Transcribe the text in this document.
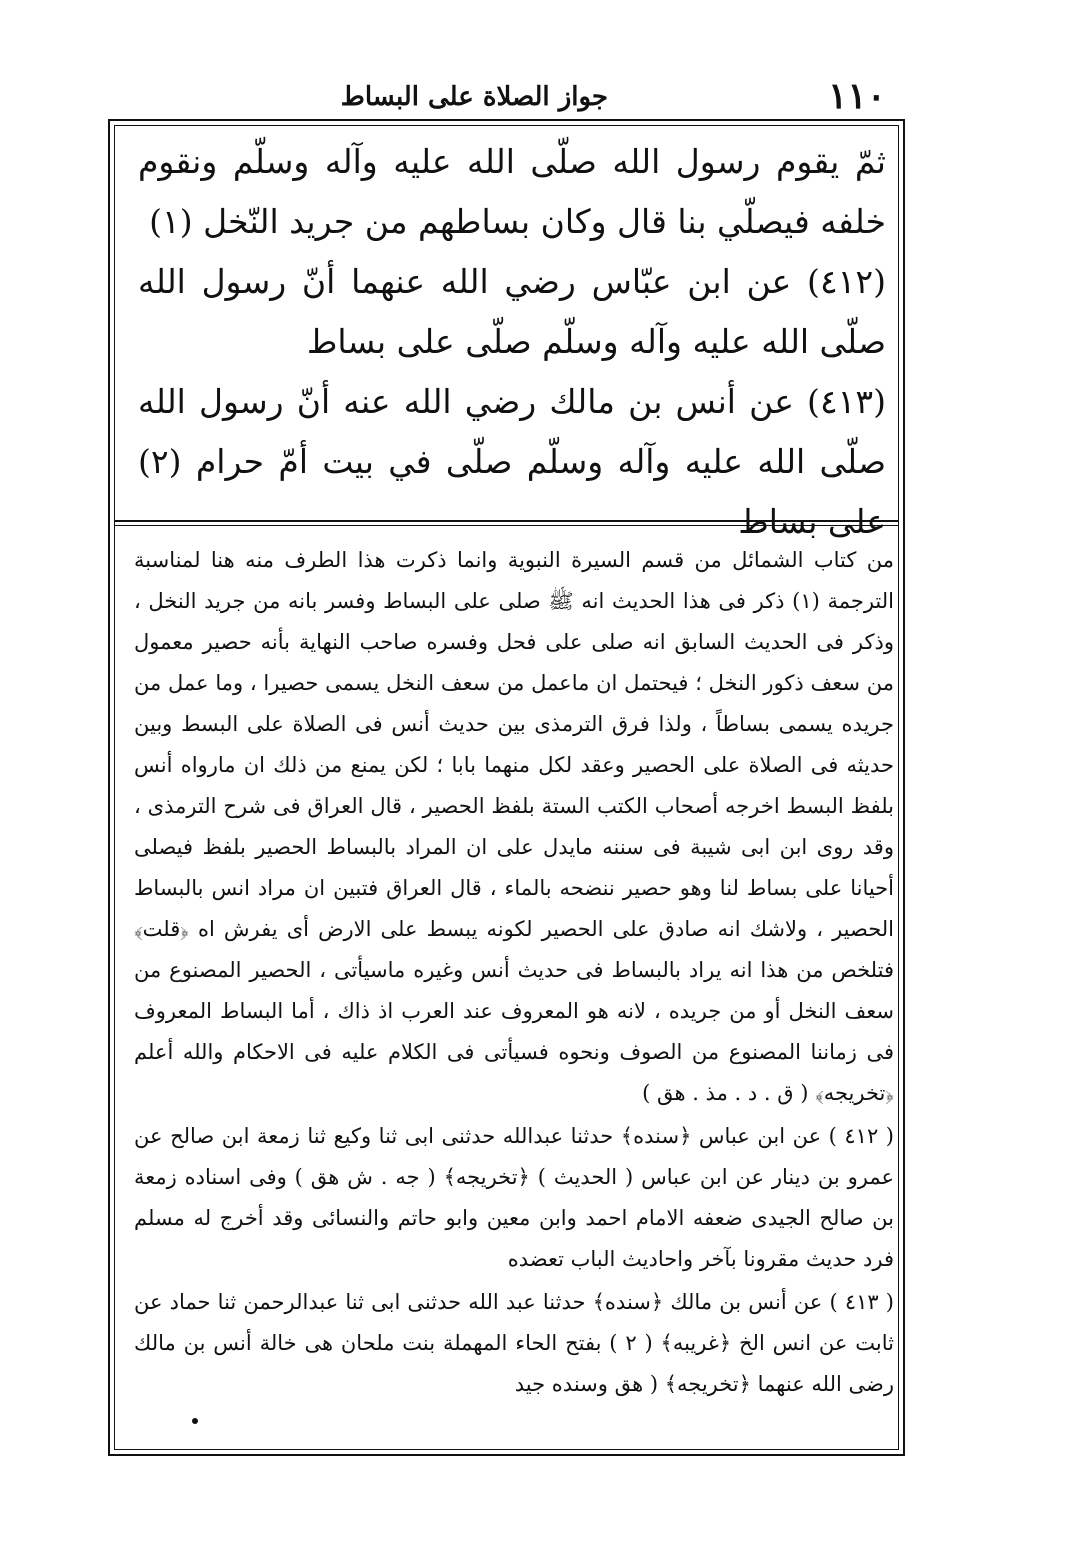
١١٠
جواز الصلاة على البساط

ثمّ يقوم رسول الله صلّى الله عليه وآله وسلّم ونقوم خلفه فيصلّي بنا قال وكان بساطهم من جريد النّخل (١)

(٤١٢) عن ابن عبّاس رضي الله عنهما أنّ رسول الله صلّى الله عليه وآله وسلّم صلّى على بساط

(٤١٣) عن أنس بن مالك رضي الله عنه أنّ رسول الله صلّى الله عليه وآله وسلّم صلّى في بيت أمّ حرام (٢) على بساط

من كتاب الشمائل من قسم السيرة النبوية وانما ذكرت هذا الطرف منه هنا لمناسبة الترجمة (١) ذكر فى هذا الحديث انه ﷺ صلى على البساط وفسر بانه من جريد النخل ، وذكر فى الحديث السابق انه صلى على فحل وفسره صاحب النهاية بأنه حصير معمول من سعف ذكور النخل ؛ فيحتمل ان ماعمل من سعف النخل يسمى حصيرا ، وما عمل من جريده يسمى بساطاً ، ولذا فرق الترمذى بين حديث أنس فى الصلاة على البسط وبين حديثه فى الصلاة على الحصير وعقد لكل منهما بابا ؛ لكن يمنع من ذلك ان مارواه أنس بلفظ البسط اخرجه أصحاب الكتب الستة بلفظ الحصير ، قال العراق فى شرح الترمذى ، وقد روى ابن ابى شيبة فى سننه مايدل على ان المراد بالبساط الحصير بلفظ فيصلى أحيانا على بساط لنا وهو حصير ننضحه بالماء ، قال العراق فتبين ان مراد انس بالبساط الحصير ، ولاشك انه صادق على الحصير لكونه يبسط على الارض أى يفرش اه ﴿قلت﴾ فتلخص من هذا انه يراد بالبساط فى حديث أنس وغيره ماسيأتى ، الحصير المصنوع من سعف النخل أو من جريده ، لانه هو المعروف عند العرب اذ ذاك ، أما البساط المعروف فى زماننا المصنوع من الصوف ونحوه فسيأتى فى الكلام عليه فى الاحكام والله أعلم ﴿تخريجه﴾ ( ق . د . مذ . هق )

( ٤١٢ ) عن ابن عباس ﴿سنده﴾ حدثنا عبدالله حدثنى ابى ثنا وكيع ثنا زمعة ابن صالح عن عمرو بن دينار عن ابن عباس ( الحديث ) ﴿تخريجه﴾ ( جه . ش هق ) وفى اسناده زمعة بن صالح الجيدى ضعفه الامام احمد وابن معين وابو حاتم والنسائى وقد أخرج له مسلم فرد حديث مقرونا بآخر واحاديث الباب تعضده

( ٤١٣ ) عن أنس بن مالك ﴿سنده﴾ حدثنا عبد الله حدثنى ابى ثنا عبدالرحمن ثنا حماد عن ثابت عن انس الخ ﴿غريبه﴾ ( ٢ ) بفتح الحاء المهملة بنت ملحان هى خالة أنس بن مالك رضى الله عنهما ﴿تخريجه﴾ ( هق وسنده جيد
